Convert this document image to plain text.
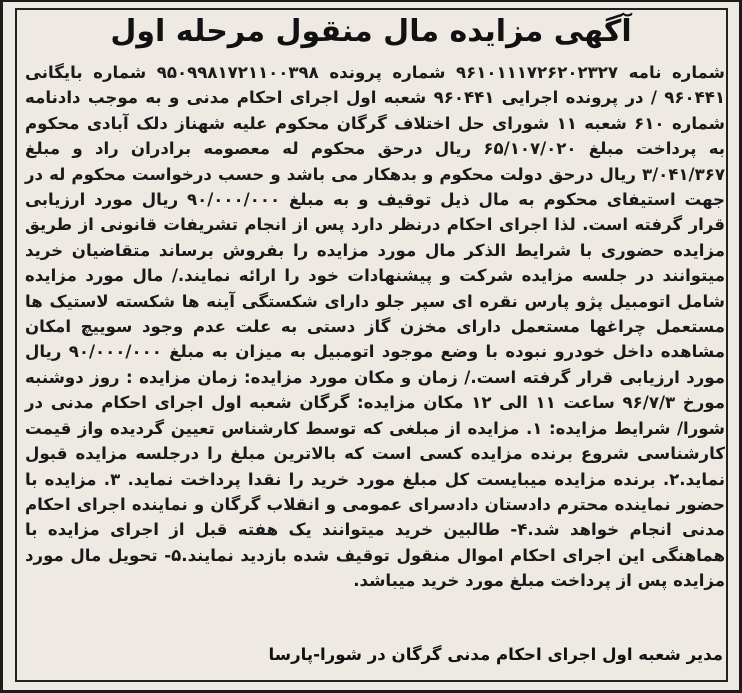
آگهی مزایده مال منقول مرحله اول

شماره نامه ۹۶۱۰۱۱۱۷۲۶۲۰۲۳۲۷ شماره پرونده ۹۵۰۹۹۸۱۷۲۱۱۰۰۳۹۸ شماره بایگانی ۹۶۰۴۴۱ / در پرونده اجرایی ۹۶۰۴۴۱ شعبه اول اجرای احکام مدنی و به موجب دادنامه شماره ۶۱۰ شعبه ۱۱ شورای حل اختلاف گرگان محکوم علیه شهناز دلک آبادی محکوم به پرداخت مبلغ ۶۵/۱۰۷/۰۲۰ ریال درحق محکوم له معصومه برادران راد و مبلغ ۳/۰۴۱/۳۶۷ ریال درحق دولت محکوم و بدهکار می باشد و حسب درخواست محکوم له در جهت استیفای محکوم به مال ذیل توقیف و به مبلغ ۹۰/۰۰۰/۰۰۰ ریال مورد ارزیابی قرار گرفته است. لذا اجرای احکام درنظر دارد پس از انجام تشریفات قانونی از طریق مزایده حضوری با شرایط الذکر مال مورد مزایده را بفروش برساند متقاضیان خرید میتوانند در جلسه مزایده شرکت و پیشنهادات خود را ارائه نمایند./ مال مورد مزایده شامل اتومبیل پژو پارس نقره ای سپر جلو دارای شکستگی آینه ها شکسته لاستیک ها مستعمل چراغها مستعمل دارای مخزن گاز دستی به علت عدم وجود سوییچ امکان مشاهده داخل خودرو نبوده با وضع موجود اتومبیل به میزان به مبلغ ۹۰/۰۰۰/۰۰۰ ریال مورد ارزیابی قرار گرفته است./ زمان و مکان مورد مزایده: زمان مزایده : روز دوشنبه مورخ ۹۶/۷/۳ ساعت ۱۱ الی ۱۲ مکان مزایده: گرگان شعبه اول اجرای احکام مدنی در شورا/ شرایط مزایده: ۱. مزایده از مبلغی که توسط کارشناس تعیین گردیده واز قیمت کارشناسی شروع برنده مزایده کسی است که بالاترین مبلغ را درجلسه مزایده قبول نماید.۲. برنده مزایده میبایست کل مبلغ مورد خرید را نقدا پرداخت نماید. ۳. مزایده با حضور نماینده محترم دادستان دادسرای عمومی و انقلاب گرگان و نماینده اجرای احکام مدنی انجام خواهد شد.۴- طالبین خرید میتوانند یک هفته قبل از اجرای مزایده با هماهنگی این اجرای احکام اموال منقول توقیف شده بازدید نمایند.۵- تحویل مال مورد مزایده پس از پرداخت مبلغ مورد خرید میباشد.

مدیر شعبه اول اجرای احکام مدنی گرگان در شورا-پارسا
